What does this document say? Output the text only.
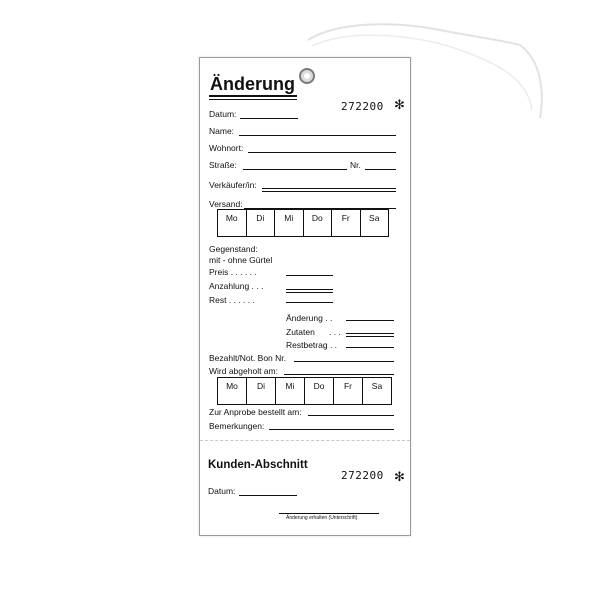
Änderung
272200 ✻
Datum:
Name:
Wohnort:
Straße:	Nr.
Verkäufer/in:
Versand:
Mo	Di	Mi	Do	Fr	Sa
Gegenstand:
mit - ohne Gürtel
Preis . . . . . .
Anzahlung . . .
Rest . . . . . .
Änderung . .
Zutaten . . .
Restbetrag . .
Bezahlt/Not. Bon Nr.
Wird abgeholt am:
Mo	Di	Mi	Do	Fr	Sa
Zur Anprobe bestellt am:
Bemerkungen:
Kunden-Abschnitt
272200 ✻
Datum:
Änderung erhalten (Unterschrift)
